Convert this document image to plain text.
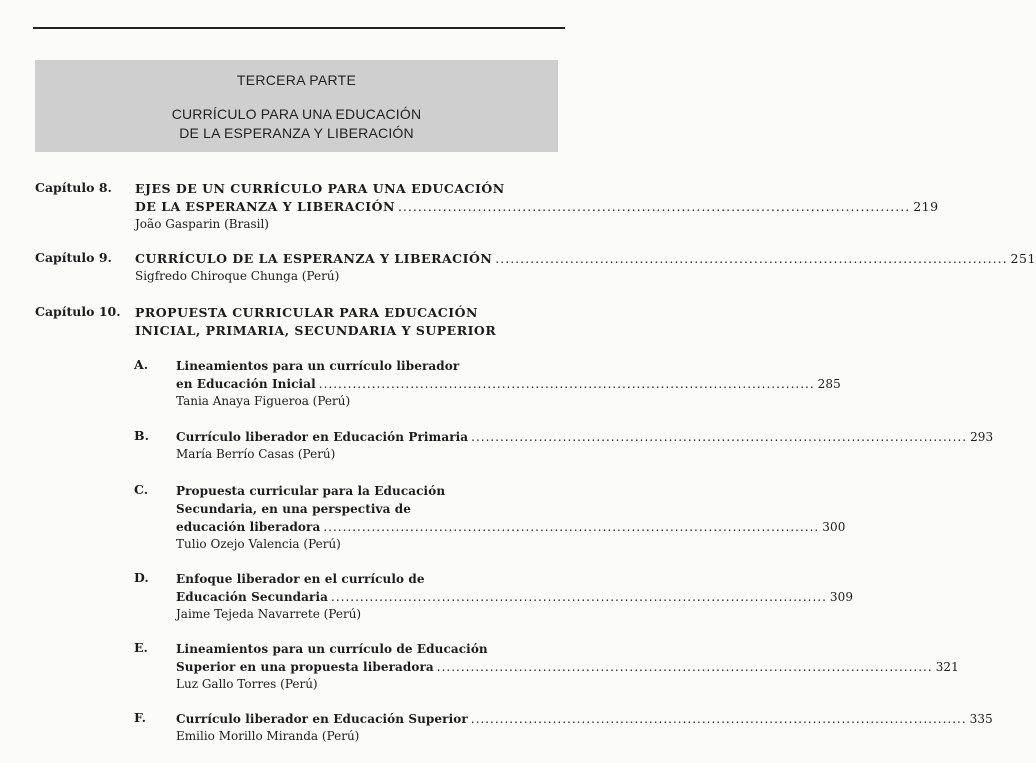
TERCERA PARTE
CURRÍCULO PARA UNA EDUCACIÓN
DE LA ESPERANZA Y LIBERACIÓN
Capítulo 8. EJES DE UN CURRÍCULO PARA UNA EDUCACIÓN
DE LA ESPERANZA Y LIBERACIÓN ....................................................................................................... 219
João Gasparin (Brasil)
Capítulo 9. CURRÍCULO DE LA ESPERANZA Y LIBERACIÓN ....................................................................................................... 251
Sigfredo Chiroque Chunga (Perú)
Capítulo 10. PROPUESTA CURRICULAR PARA EDUCACIÓN
INICIAL, PRIMARIA, SECUNDARIA Y SUPERIOR
A. Lineamientos para un currículo liberador
en Educación Inicial ....................................................................................................... 285
Tania Anaya Figueroa (Perú)
B. Currículo liberador en Educación Primaria ....................................................................................................... 293
María Berrío Casas (Perú)
C. Propuesta curricular para la Educación
Secundaria, en una perspectiva de
educación liberadora ....................................................................................................... 300
Tulio Ozejo Valencia (Perú)
D. Enfoque liberador en el currículo de
Educación Secundaria ....................................................................................................... 309
Jaime Tejeda Navarrete (Perú)
E. Lineamientos para un currículo de Educación
Superior en una propuesta liberadora ....................................................................................................... 321
Luz Gallo Torres (Perú)
F.	Currículo liberador en Educación Superior ....................................................................................................... 335
Emilio Morillo Miranda (Perú)
